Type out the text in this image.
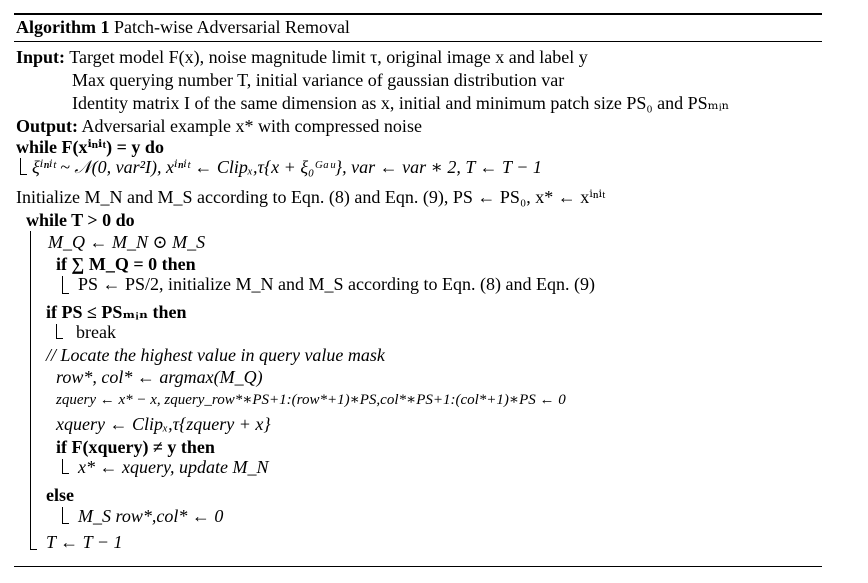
Algorithm 1 Patch-wise Adversarial Removal
Input: Target model F(x), noise magnitude limit τ, original image x and label y
Max querying number T, initial variance of gaussian distribution var
Identity matrix I of the same dimension as x, initial and minimum patch size PS₀ and PSₘᵢₙ
Output: Adversarial example x* with compressed noise
while F(xⁱⁿⁱᵗ) = y do
ξⁱⁿⁱᵗ ~ 𝒩(0, var²I), xⁱⁿⁱᵗ ← Clipₓ,τ{x + ξ₀ᴳᵃᵘ}, var ← var ∗ 2, T ← T − 1
Initialize M_N and M_S according to Eqn. (8) and Eqn. (9), PS ← PS₀, x* ← xⁱⁿⁱᵗ
while T > 0 do
M_Q ← M_N ⊙ M_S
if ∑ M_Q = 0 then
PS ← PS/2, initialize M_N and M_S according to Eqn. (8) and Eqn. (9)
if PS ≤ PSₘᵢₙ then
break
// Locate the highest value in query value mask
row*, col* ← argmax(M_Q)
zquery ← x* − x, zquery_row*∗PS+1:(row*+1)∗PS,col*∗PS+1:(col*+1)∗PS ← 0
xquery ← Clipₓ,τ{zquery + x}
if F(xquery) ≠ y then
x* ← xquery, update M_N
else
M_S row*,col* ← 0
T ← T − 1
